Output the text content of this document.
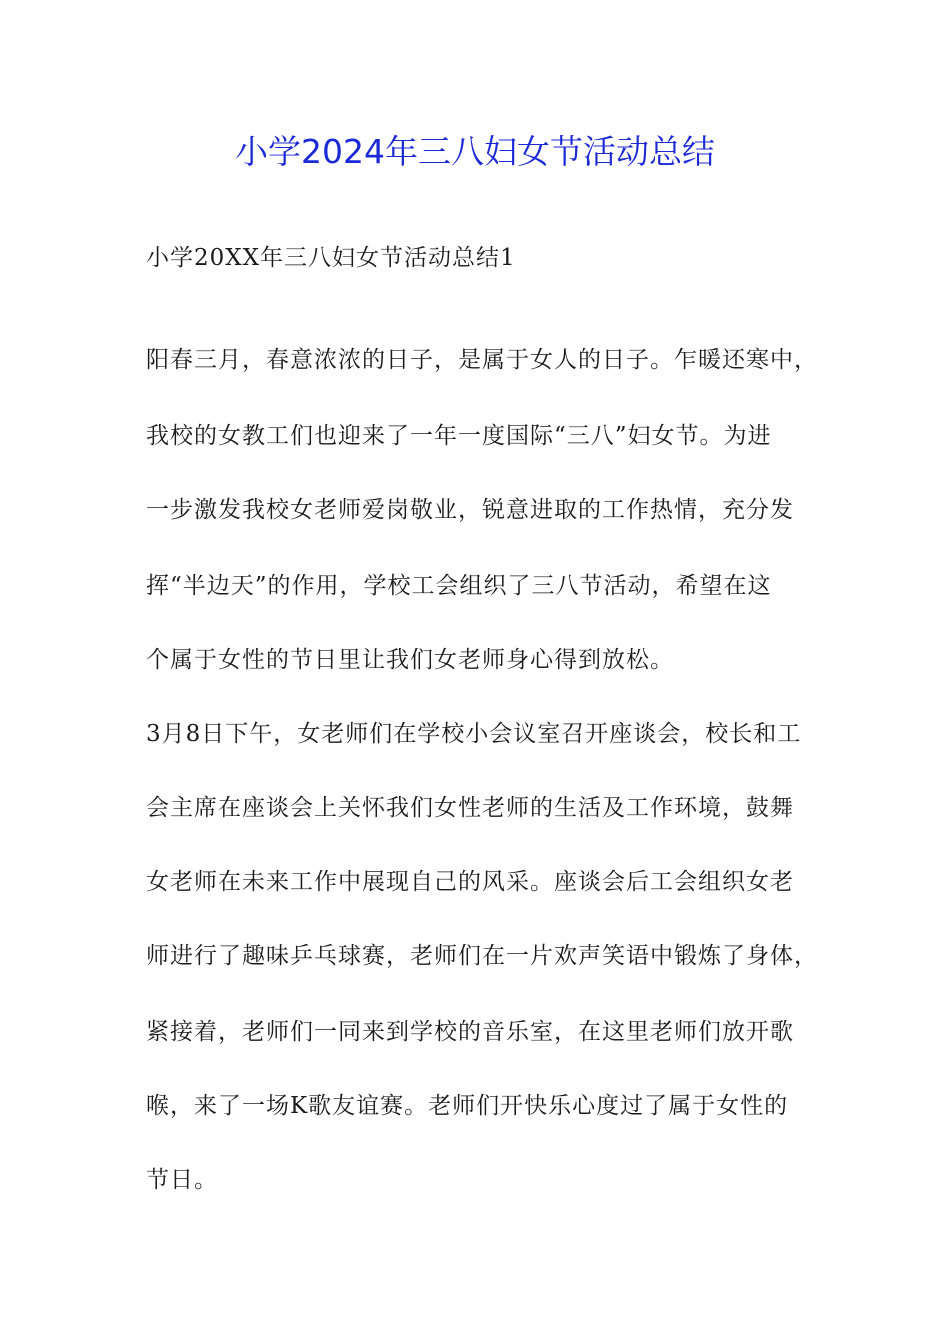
小学2024年三八妇女节活动总结
小学20XX年三八妇女节活动总结1
阳春三月，春意浓浓的日子，是属于女人的日子。乍暖还寒中，
我校的女教工们也迎来了一年一度国际“三八”妇女节。为进
一步激发我校女老师爱岗敬业，锐意进取的工作热情，充分发
挥“半边天”的作用，学校工会组织了三八节活动，希望在这
个属于女性的节日里让我们女老师身心得到放松。
3月8日下午，女老师们在学校小会议室召开座谈会，校长和工
会主席在座谈会上关怀我们女性老师的生活及工作环境，鼓舞
女老师在未来工作中展现自己的风采。座谈会后工会组织女老
师进行了趣味乒乓球赛，老师们在一片欢声笑语中锻炼了身体，
紧接着，老师们一同来到学校的音乐室，在这里老师们放开歌
喉，来了一场K歌友谊赛。老师们开快乐心度过了属于女性的
节日。
